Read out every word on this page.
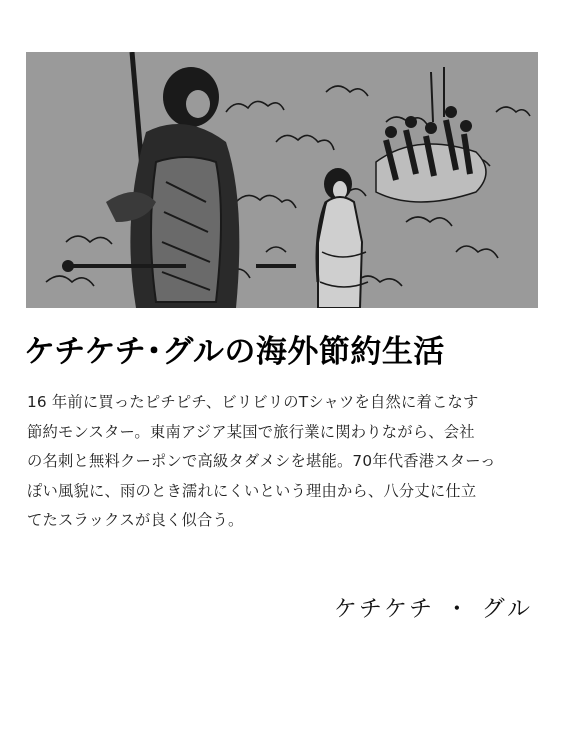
ケチケチ･グルの海外節約生活
16 年前に買ったピチピチ、ビリビリのTシャツを自然に着こなす
節約モンスター。東南アジア某国で旅行業に関わりながら、会社
の名刺と無料クーポンで高級タダメシを堪能。70年代香港スターっ
ぽい風貌に、雨のとき濡れにくいという理由から、八分丈に仕立
てたスラックスが良く似合う。
ケチケチ ・ グル
